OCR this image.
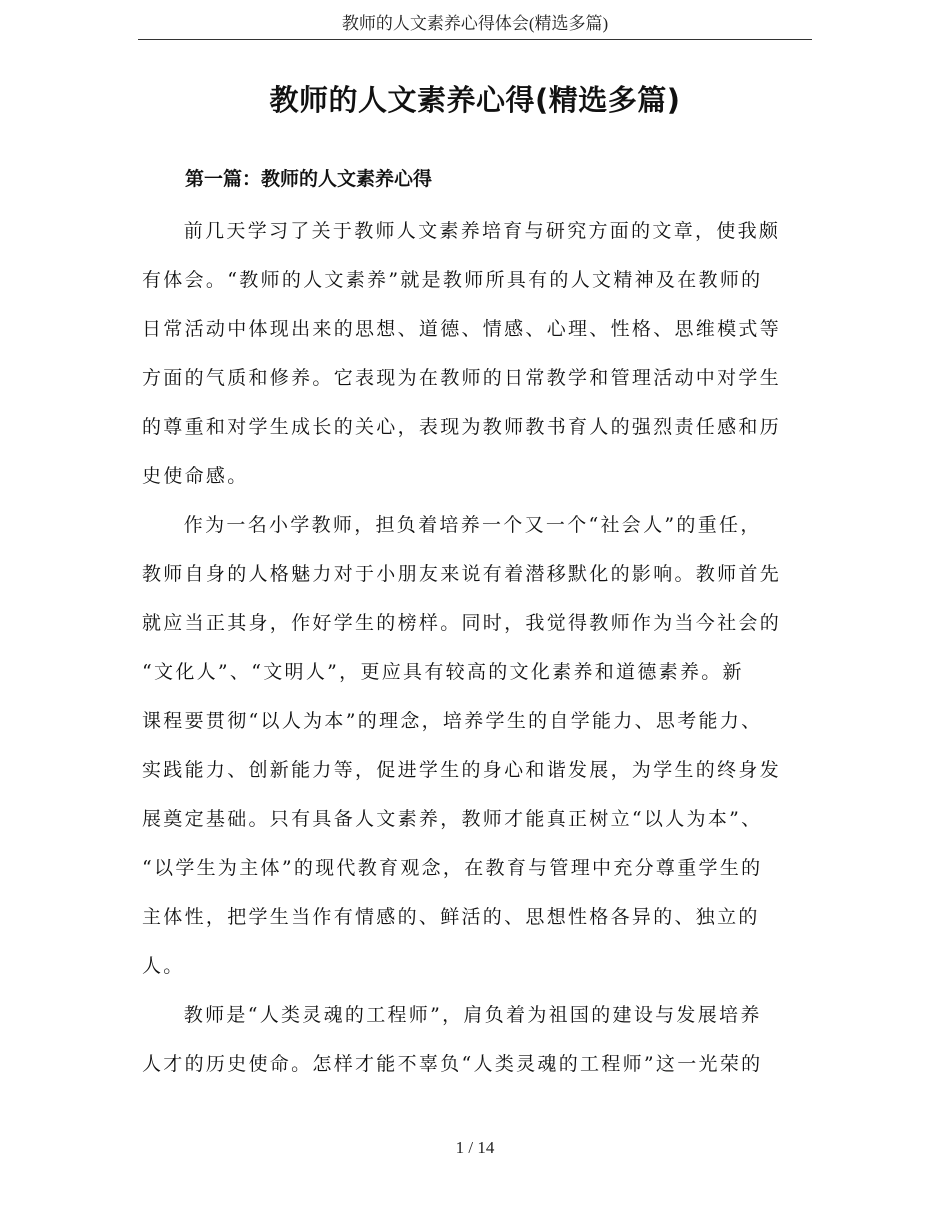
教师的人文素养心得体会(精选多篇)
教师的人文素养心得(精选多篇)
第一篇：教师的人文素养心得

前几天学习了关于教师人文素养培育与研究方面的文章，使我颇
有体会。“教师的人文素养”就是教师所具有的人文精神及在教师的
日常活动中体现出来的思想、道德、情感、心理、性格、思维模式等
方面的气质和修养。它表现为在教师的日常教学和管理活动中对学生
的尊重和对学生成长的关心，表现为教师教书育人的强烈责任感和历
史使命感。

作为一名小学教师，担负着培养一个又一个“社会人”的重任，
教师自身的人格魅力对于小朋友来说有着潜移默化的影响。教师首先
就应当正其身，作好学生的榜样。同时，我觉得教师作为当今社会的
“文化人”、“文明人”，更应具有较高的文化素养和道德素养。新
课程要贯彻“以人为本”的理念，培养学生的自学能力、思考能力、
实践能力、创新能力等，促进学生的身心和谐发展，为学生的终身发
展奠定基础。只有具备人文素养，教师才能真正树立“以人为本”、
“以学生为主体”的现代教育观念，在教育与管理中充分尊重学生的
主体性，把学生当作有情感的、鲜活的、思想性格各异的、独立的
人。

教师是“人类灵魂的工程师”，肩负着为祖国的建设与发展培养
人才的历史使命。怎样才能不辜负“人类灵魂的工程师”这一光荣的

1 / 14
